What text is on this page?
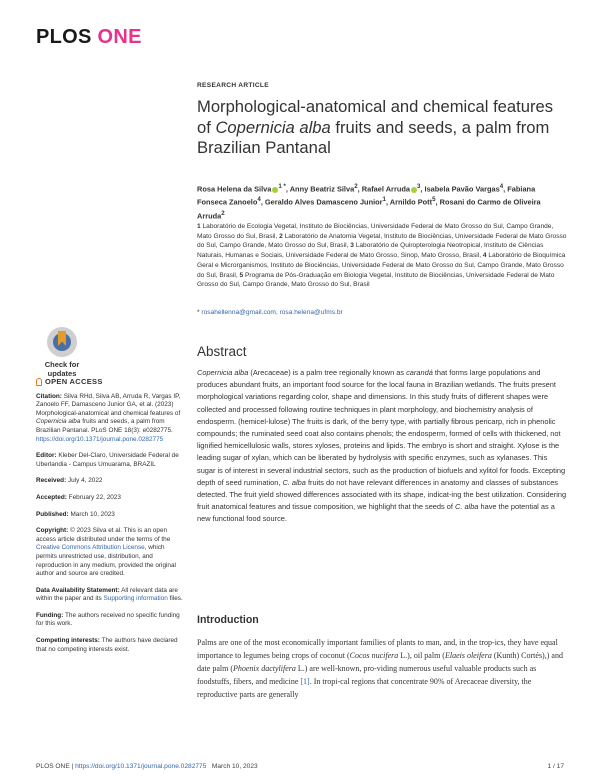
PLOS ONE
Check for
updates
OPEN ACCESS

Citation: Silva RHd, Silva AB, Arruda R, Vargas IP, Zanoelo FF, Damasceno Junior GA, et al. (2023) Morphological-anatomical and chemical features of Copernicia alba fruits and seeds, a palm from Brazilian Pantanal. PLoS ONE 18(3): e0282775. https://doi.org/10.1371/journal.pone.0282775

Editor: Kleber Del-Claro, Universidade Federal de Uberlandia - Campus Umuarama, BRAZIL

Received: July 4, 2022

Accepted: February 22, 2023

Published: March 10, 2023

Copyright: © 2023 Silva et al. This is an open access article distributed under the terms of the Creative Commons Attribution License, which permits unrestricted use, distribution, and reproduction in any medium, provided the original author and source are credited.

Data Availability Statement: All relevant data are within the paper and its Supporting information files.

Funding: The authors received no specific funding for this work.

Competing interests: The authors have declared that no competing interests exist.

RESEARCH ARTICLE
Morphological-anatomical and chemical features of Copernicia alba fruits and seeds, a palm from Brazilian Pantanal
Rosa Helena da Silva $^{1 *}$, Anny Beatriz Silva$^2$, Rafael Arruda $^3$, Isabela Pavão Vargas$^4$, Fabiana Fonseca Zanoelo$^4$, Geraldo Alves Damasceno Junior$^1$, Arnildo Pott$^5$, Rosani do Carmo de Oliveira Arruda$^2$
1 Laboratório de Ecologia Vegetal, Instituto de Biociências, Universidade Federal de Mato Grosso do Sul, Campo Grande, Mato Grosso do Sul, Brasil, 2 Laboratório de Anatomia Vegetal, Instituto de Biociências, Universidade Federal de Mato Grosso do Sul, Campo Grande, Mato Grosso do Sul, Brasil, 3 Laboratório de Quiropterologia Neotropical, Instituto de Ciências Naturais, Humanas e Sociais, Universidade Federal de Mato Grosso, Sinop, Mato Grosso, Brasil, 4 Laboratório de Bioquímica Geral e Microrganismos, Instituto de Biociências, Universidade Federal de Mato Grosso do Sul, Campo Grande, Mato Grosso do Sul, Brasil, 5 Programa de Pós-Graduação em Biologia Vegetal, Instituto de Biociências, Universidade Federal de Mato Grosso do Sul, Campo Grande, Mato Grosso do Sul, Brasil
* rosahellenna@gmail.com, rosa.helena@ufms.br
Abstract
Copernicia alba (Arecaceae) is a palm tree regionally known as carandá that forms large populations and produces abundant fruits, an important food source for the local fauna in Brazilian wetlands. The fruits present morphological variations regarding color, shape and dimensions. In this study fruits of different shapes were collected and processed following routine techniques in plant morphology, and biochemistry analysis of endosperm. (hemicel-lulose) The fruits is dark, of the berry type, with partially fibrous pericarp, rich in phenolic compounds; the ruminated seed coat also contains phenols; the endosperm, formed of cells with thickened, not lignified hemicellulosic walls, stores xyloses, proteins and lipids. The embryo is short and straight. Xylose is the leading sugar of xylan, which can be liberated by hydrolysis with specific enzymes, such as xylanases. This sugar is of interest in several industrial sectors, such as the production of biofuels and xylitol for foods. Excepting depth of seed rumination, C. alba fruits do not have relevant differences in anatomy and classes of substances detected. The fruit yield showed differences associated with its shape, indicat-ing the best utilization. Considering fruit anatomical features and tissue composition, we highlight that the seeds of C. alba have the potential as a new functional food source.
Introduction
Palms are one of the most economically important families of plants to man, and, in the trop-ics, they have equal importance to legumes being crops of coconut (Cocos nucifera L.), oil palm (Elaeis oleifera (Kunth) Cortés),) and date palm (Phoenix dactylifera L.) are well-known, pro-viding numerous useful valuable products such as foodstuffs, fibers, and medicine [1]. In tropi-cal regions that concentrate 90% of Arecaceae diversity, the reproductive parts are generally
PLOS ONE | https://doi.org/10.1371/journal.pone.0282775 March 10, 2023	1 / 17
